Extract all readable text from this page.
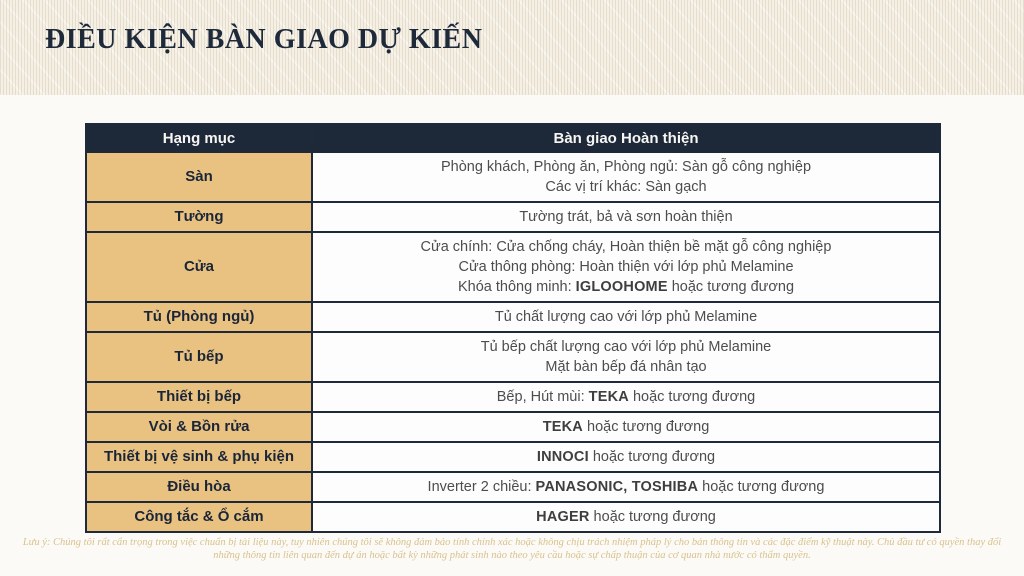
ĐIỀU KIỆN BÀN GIAO DỰ KIẾN
Hạng mục	Bàn giao Hoàn thiện
Sàn	Phòng khách, Phòng ăn, Phòng ngủ: Sàn gỗ công nghiệp
Các vị trí khác: Sàn gạch

Tường	Tường trát, bả và sơn hoàn thiện

Cửa	Cửa chính: Cửa chống cháy, Hoàn thiện bề mặt gỗ công nghiệp
Cửa thông phòng: Hoàn thiện với lớp phủ Melamine
Khóa thông minh: IGLOOHOME hoặc tương đương

Tủ (Phòng ngủ)	Tủ chất lượng cao với lớp phủ Melamine

Tủ bếp	Tủ bếp chất lượng cao với lớp phủ Melamine
Mặt bàn bếp đá nhân tạo

Thiết bị bếp	Bếp, Hút mùi: TEKA hoặc tương đương

Vòi & Bồn rửa	TEKA hoặc tương đương

Thiết bị vệ sinh & phụ kiện	INNOCI hoặc tương đương

Điều hòa	Inverter 2 chiều: PANASONIC, TOSHIBA hoặc tương đương

Công tắc & Ổ cắm	HAGER hoặc tương đương

Lưu ý: Chúng tôi rất cẩn trọng trong việc chuẩn bị tài liệu này, tuy nhiên chúng tôi sẽ không đảm bảo tính chính xác hoặc không chịu trách nhiệm pháp lý cho bản thông tin và các đặc điểm kỹ thuật này. Chủ đầu tư có quyền thay đổi những thông tin liên quan đến dự án hoặc bất kỳ những phát sinh nào theo yêu cầu hoặc sự chấp thuận của cơ quan nhà nước có thẩm quyền.
